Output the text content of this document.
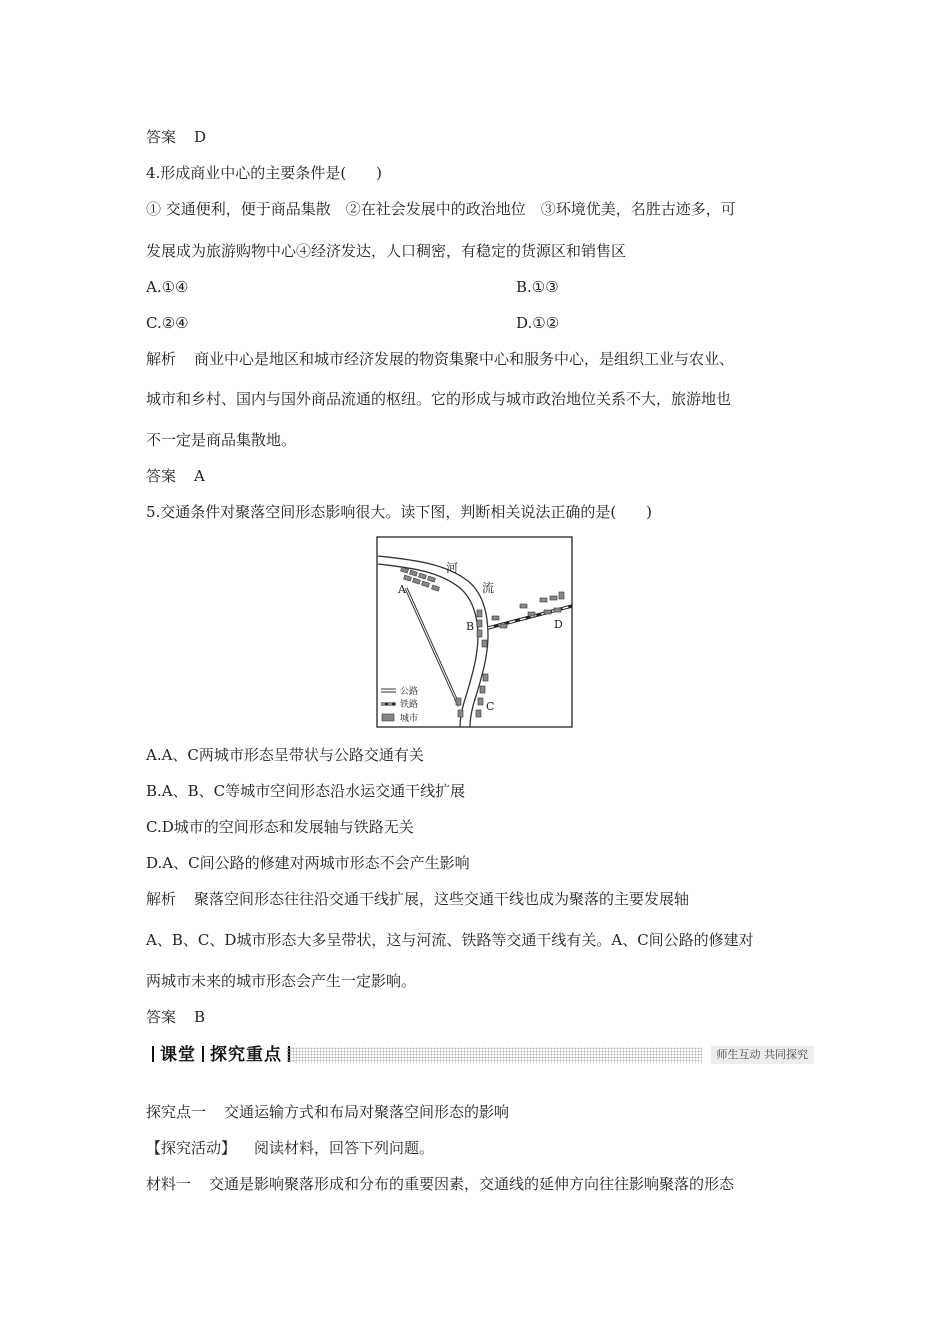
答案 D
4.形成商业中心的主要条件是(　　)
① 交通便利，便于商品集散　②在社会发展中的政治地位　③环境优美，名胜古迹多，可
发展成为旅游购物中心④经济发达，人口稠密，有稳定的货源区和销售区
A.①④	B.①③
C.②④	D.①②
解析 商业中心是地区和城市经济发展的物资集聚中心和服务中心，是组织工业与农业、
城市和乡村、国内与国外商品流通的枢纽。它的形成与城市政治地位关系不大，旅游地也
不一定是商品集散地。
答案 A
5.交通条件对聚落空间形态影响很大。读下图，判断相关说法正确的是(　　)
河
流
A
B
C
D
公路
铁路
城市
A.A、C两城市形态呈带状与公路交通有关
B.A、B、C等城市空间形态沿水运交通干线扩展
C.D城市的空间形态和发展轴与铁路无关
D.A、C间公路的修建对两城市形态不会产生影响
解析 聚落空间形态往往沿交通干线扩展，这些交通干线也成为聚落的主要发展轴
A、B、C、D城市形态大多呈带状，这与河流、铁路等交通干线有关。A、C间公路的修建对
两城市未来的城市形态会产生一定影响。
答案 B
课堂 探究重点	师生互动 共同探究
探究点一 交通运输方式和布局对聚落空间形态的影响
【探究活动】 阅读材料，回答下列问题。
材料一 交通是影响聚落形成和分布的重要因素，交通线的延伸方向往往影响聚落的形态
